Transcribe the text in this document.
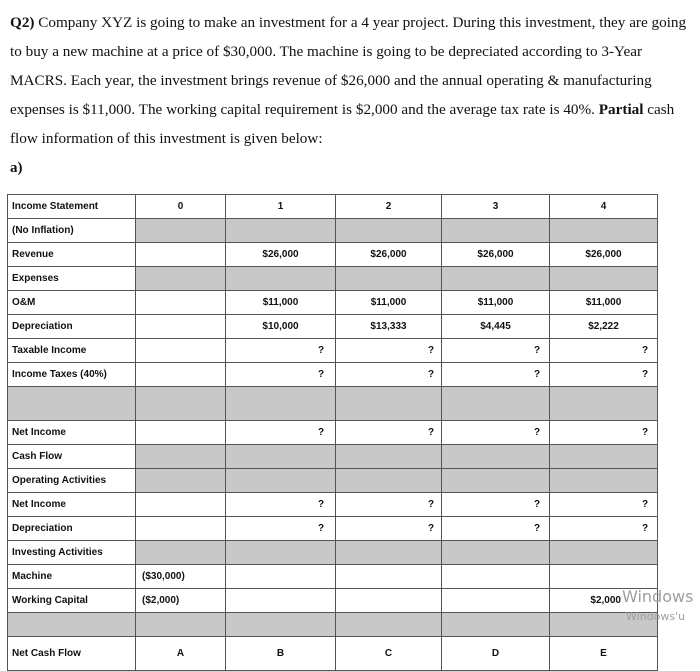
Q2) Company XYZ is going to make an investment for a 4 year project. During this investment, they are going to buy a new machine at a price of $30,000. The machine is going to be depreciated according to 3-Year MACRS. Each year, the investment brings revenue of $26,000 and the annual operating & manufacturing expenses is $11,000. The working capital requirement is $2,000 and the average tax rate is 40%. Partial cash flow information of this investment is given below:
a)
Income Statement	0	1	2	3	4
(No Inflation)					
Revenue		$26,000	$26,000	$26,000	$26,000
Expenses					
O&M		$11,000	$11,000	$11,000	$11,000
Depreciation		$10,000	$13,333	$4,445	$2,222
Taxable Income		?	?	?	?
Income Taxes (40%)		?	?	?	?

Net Income		?	?	?	?
Cash Flow					
Operating Activities					
Net Income		?	?	?	?
Depreciation		?	?	?	?
Investing Activities					
Machine	($30,000)				
Working Capital	($2,000)				$2,000

Net Cash Flow	A	B	C	D	E
Windows
Windows'u
